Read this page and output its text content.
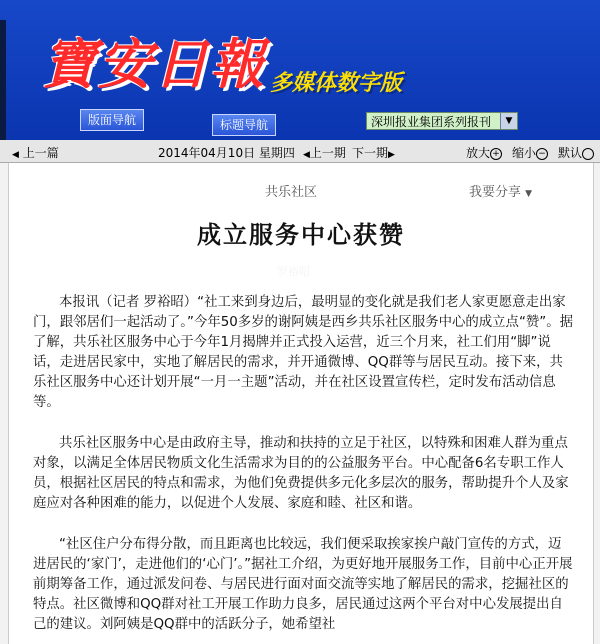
寶安日報 多媒体数字版
版面导航	标题导航	深圳报业集团系列报刊	▼
◀ 上一篇	2014年04月10日 星期四 ◀上一期 下一期▶	放大 + 缩小 − 默认
共乐社区	我要分享 ▼
成立服务中心获赞
罗裕昭

本报讯（记者 罗裕昭）“社工来到身边后，最明显的变化就是我们老人家更愿意走出家门，跟邻居们一起活动了。”今年50多岁的谢阿姨是西乡共乐社区服务中心的成立点“赞”。据了解，共乐社区服务中心于今年1月揭牌并正式投入运营，近三个月来，社工们用“脚”说话，走进居民家中，实地了解居民的需求，并开通微博、QQ群等与居民互动。接下来，共乐社区服务中心还计划开展“一月一主题”活动，并在社区设置宣传栏，定时发布活动信息等。

共乐社区服务中心是由政府主导，推动和扶持的立足于社区，以特殊和困难人群为重点对象，以满足全体居民物质文化生活需求为目的的公益服务平台。中心配备6名专职工作人员，根据社区居民的特点和需求，为他们免费提供多元化多层次的服务，帮助提升个人及家庭应对各种困难的能力，以促进个人发展、家庭和睦、社区和谐。

“社区住户分布得分散，而且距离也比较远，我们便采取挨家挨户敲门宣传的方式，迈进居民的‘家门’，走进他们的‘心门’。”据社工介绍，为更好地开展服务工作，目前中心正开展前期筹备工作，通过派发问卷、与居民进行面对面交流等实地了解居民的需求，挖掘社区的特点。社区微博和QQ群对社工开展工作助力良多，居民通过这两个平台对中心发展提出自己的建议。刘阿姨是QQ群中的活跃分子，她希望社
